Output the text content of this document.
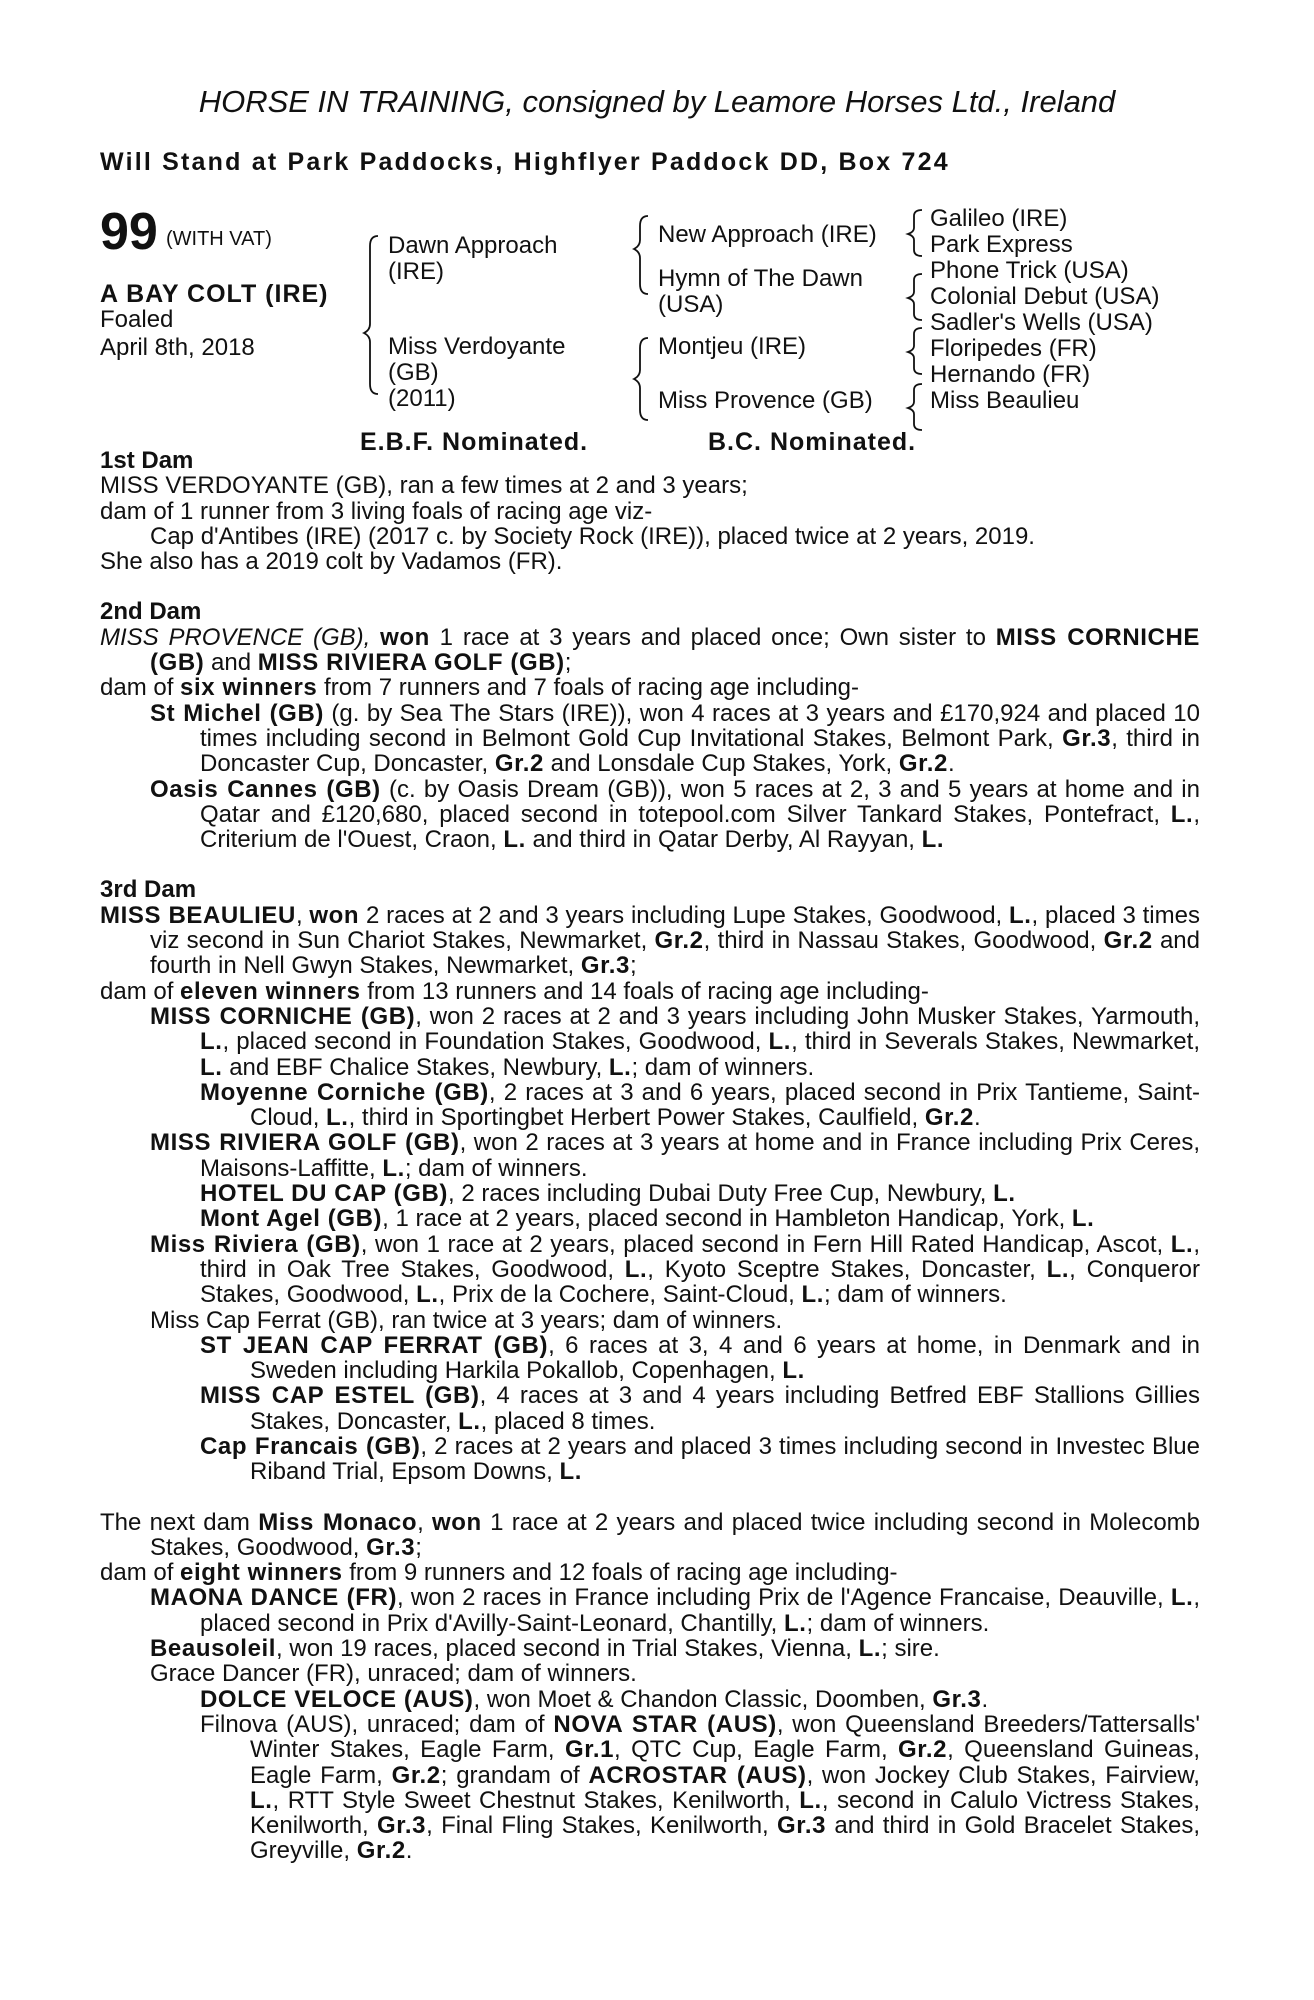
HORSE IN TRAINING, consigned by Leamore Horses Ltd., Ireland
Will Stand at Park Paddocks, Highflyer Paddock DD, Box 724
99 (WITH VAT)
A BAY COLT (IRE)
Foaled
April 8th, 2018
Dawn Approach
(IRE)
Miss Verdoyante
(GB)
(2011)
New Approach (IRE)
Hymn of The Dawn
(USA)
Montjeu (IRE)
Miss Provence (GB)
Galileo (IRE)
Park Express
Phone Trick (USA)
Colonial Debut (USA)
Sadler's Wells (USA)
Floripedes (FR)
Hernando (FR)
Miss Beaulieu
E.B.F. Nominated.	B.C. Nominated.
1st Dam

MISS VERDOYANTE (GB), ran a few times at 2 and 3 years;

dam of 1 runner from 3 living foals of racing age viz-

Cap d'Antibes (IRE) (2017 c. by Society Rock (IRE)), placed twice at 2 years, 2019.

She also has a 2019 colt by Vadamos (FR).

2nd Dam

MISS PROVENCE (GB), won 1 race at 3 years and placed once; Own sister to MISS CORNICHE (GB) and MISS RIVIERA GOLF (GB);

dam of six winners from 7 runners and 7 foals of racing age including-

St Michel (GB) (g. by Sea The Stars (IRE)), won 4 races at 3 years and £170,924 and placed 10 times including second in Belmont Gold Cup Invitational Stakes, Belmont Park, Gr.3, third in Doncaster Cup, Doncaster, Gr.2 and Lonsdale Cup Stakes, York, Gr.2.

Oasis Cannes (GB) (c. by Oasis Dream (GB)), won 5 races at 2, 3 and 5 years at home and in Qatar and £120,680, placed second in totepool.com Silver Tankard Stakes, Pontefract, L., Criterium de l'Ouest, Craon, L. and third in Qatar Derby, Al Rayyan, L.

3rd Dam

MISS BEAULIEU, won 2 races at 2 and 3 years including Lupe Stakes, Goodwood, L., placed 3 times viz second in Sun Chariot Stakes, Newmarket, Gr.2, third in Nassau Stakes, Goodwood, Gr.2 and fourth in Nell Gwyn Stakes, Newmarket, Gr.3;

dam of eleven winners from 13 runners and 14 foals of racing age including-

MISS CORNICHE (GB), won 2 races at 2 and 3 years including John Musker Stakes, Yarmouth, L., placed second in Foundation Stakes, Goodwood, L., third in Severals Stakes, Newmarket, L. and EBF Chalice Stakes, Newbury, L.; dam of winners.

Moyenne Corniche (GB), 2 races at 3 and 6 years, placed second in Prix Tantieme, Saint-Cloud, L., third in Sportingbet Herbert Power Stakes, Caulfield, Gr.2.

MISS RIVIERA GOLF (GB), won 2 races at 3 years at home and in France including Prix Ceres, Maisons-Laffitte, L.; dam of winners.

HOTEL DU CAP (GB), 2 races including Dubai Duty Free Cup, Newbury, L.

Mont Agel (GB), 1 race at 2 years, placed second in Hambleton Handicap, York, L.

Miss Riviera (GB), won 1 race at 2 years, placed second in Fern Hill Rated Handicap, Ascot, L., third in Oak Tree Stakes, Goodwood, L., Kyoto Sceptre Stakes, Doncaster, L., Conqueror Stakes, Goodwood, L., Prix de la Cochere, Saint-Cloud, L.; dam of winners.

Miss Cap Ferrat (GB), ran twice at 3 years; dam of winners.

ST JEAN CAP FERRAT (GB), 6 races at 3, 4 and 6 years at home, in Denmark and in Sweden including Harkila Pokallob, Copenhagen, L.

MISS CAP ESTEL (GB), 4 races at 3 and 4 years including Betfred EBF Stallions Gillies Stakes, Doncaster, L., placed 8 times.

Cap Francais (GB), 2 races at 2 years and placed 3 times including second in Investec Blue Riband Trial, Epsom Downs, L.

The next dam Miss Monaco, won 1 race at 2 years and placed twice including second in Molecomb Stakes, Goodwood, Gr.3;

dam of eight winners from 9 runners and 12 foals of racing age including-

MAONA DANCE (FR), won 2 races in France including Prix de l'Agence Francaise, Deauville, L., placed second in Prix d'Avilly-Saint-Leonard, Chantilly, L.; dam of winners.

Beausoleil, won 19 races, placed second in Trial Stakes, Vienna, L.; sire.

Grace Dancer (FR), unraced; dam of winners.

DOLCE VELOCE (AUS), won Moet & Chandon Classic, Doomben, Gr.3.

Filnova (AUS), unraced; dam of NOVA STAR (AUS), won Queensland Breeders/Tattersalls' Winter Stakes, Eagle Farm, Gr.1, QTC Cup, Eagle Farm, Gr.2, Queensland Guineas, Eagle Farm, Gr.2; grandam of ACROSTAR (AUS), won Jockey Club Stakes, Fairview, L., RTT Style Sweet Chestnut Stakes, Kenilworth, L., second in Calulo Victress Stakes, Kenilworth, Gr.3, Final Fling Stakes, Kenilworth, Gr.3 and third in Gold Bracelet Stakes, Greyville, Gr.2.
